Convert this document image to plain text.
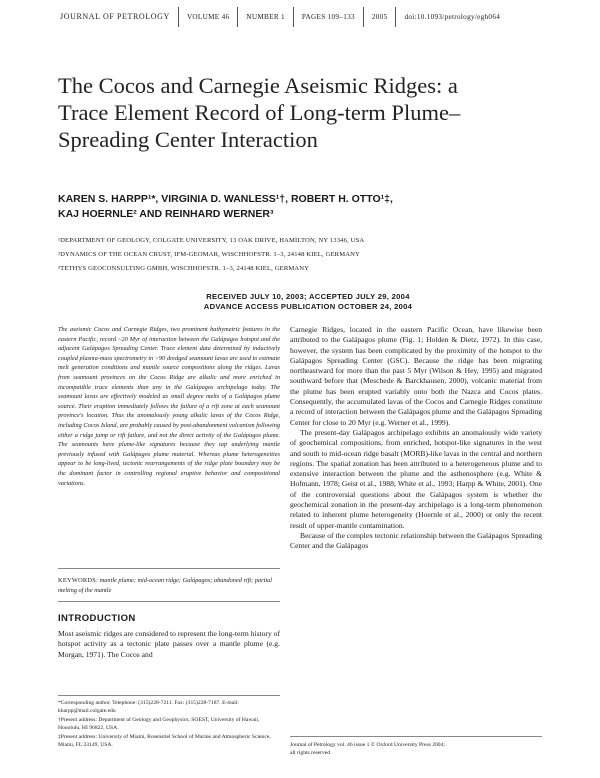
JOURNAL OF PETROLOGY	VOLUME 46	NUMBER 1	PAGES 109–133	2005	doi:10.1093/petrology/egh064
The Cocos and Carnegie Aseismic Ridges: a
Trace Element Record of Long-term Plume–
Spreading Center Interaction
KAREN S. HARPP¹*, VIRGINIA D. WANLESS¹†, ROBERT H. OTTO¹‡,
KAJ HOERNLE² AND REINHARD WERNER³
¹DEPARTMENT OF GEOLOGY, COLGATE UNIVERSITY, 13 OAK DRIVE, HAMILTON, NY 13346, USA
²DYNAMICS OF THE OCEAN CRUST, IFM-GEOMAR, WISCHHOFSTR. 1–3, 24148 KIEL, GERMANY
³TETHYS GEOCONSULTING GMBH, WISCHHOFSTR. 1–3, 24148 KIEL, GERMANY
RECEIVED JULY 10, 2003; ACCEPTED JULY 29, 2004
ADVANCE ACCESS PUBLICATION OCTOBER 24, 2004

The aseismic Cocos and Carnegie Ridges, two prominent bathymetric features in the eastern Pacific, record ~20 Myr of interaction between the Galápagos hotspot and the adjacent Galápagos Spreading Center. Trace element data determined by inductively coupled plasma-mass spectrometry in >90 dredged seamount lavas are used to estimate melt generation conditions and mantle source compositions along the ridges. Lavas from seamount provinces on the Cocos Ridge are alkalic and more enriched in incompatible trace elements than any in the Galápagos archipelago today. The seamount lavas are effectively modeled as small degree melts of a Galápagos plume source. Their eruption immediately follows the failure of a rift zone at each seamount province's location. Thus the anomalously young alkalic lavas of the Cocos Ridge, including Cocos Island, are probably caused by post-abandonment volcanism following either a ridge jump or rift failure, and not the direct activity of the Galápagos plume. The seamounts have plume-like signatures because they tap underlying mantle previously infused with Galápagos plume material. Whereas plume heterogeneities appear to be long-lived, tectonic rearrangements of the ridge plate boundary may be the dominant factor in controlling regional eruptive behavior and compositional variations.

KEYWORDS: mantle plume; mid-ocean ridge; Galápagos; abandoned rift; partial melting of the mantle
INTRODUCTION

Most aseismic ridges are considered to represent the long-term history of hotspot activity as a tectonic plate passes over a mantle plume (e.g. Morgan, 1971). The Cocos and

*Corresponding author. Telephone: (315)228-7211. Fax: (315)228-7187. E-mail: kharpp@mail.colgate.edu

†Present address: Department of Geology and Geophysics, SOEST, University of Hawaii, Honolulu, HI 96822, USA.

‡Present address: University of Miami, Rosenstiel School of Marine and Atmospheric Science, Miami, FL 33149, USA.

Carnegie Ridges, located in the eastern Pacific Ocean, have likewise been attributed to the Galápagos plume (Fig. 1; Holden & Dietz, 1972). In this case, however, the system has been complicated by the proximity of the hotspot to the Galápagos Spreading Center (GSC). Because the ridge has been migrating northeastward for more than the past 5 Myr (Wilson & Hey, 1995) and migrated southward before that (Meschede & Barckhausen, 2000), volcanic material from the plume has been erupted variably onto both the Nazca and Cocos plates. Consequently, the accumulated lavas of the Cocos and Carnegie Ridges constitute a record of interaction between the Galápagos plume and the Galápagos Spreading Center for close to 20 Myr (e.g. Werner et al., 1999).

The present-day Galápagos archipelago exhibits an anomalously wide variety of geochemical compositions, from enriched, hotspot-like signatures in the west and south to mid-ocean ridge basalt (MORB)-like lavas in the central and northern regions. The spatial zonation has been attributed to a heterogeneous plume and to extensive interaction between the plume and the asthenosphere (e.g. White & Hofmann, 1978; Geist et al., 1988; White et al., 1993; Harpp & White, 2001). One of the controversial questions about the Galápagos system is whether the geochemical zonation in the present-day archipelago is a long-term phenomenon related to inherent plume heterogeneity (Hoernle et al., 2000) or only the recent result of upper-mantle contamination.

Because of the complex tectonic relationship between the Galápagos Spreading Center and the Galápagos

Journal of Petrology vol. 46 issue 1 © Oxford University Press 2004;
all rights reserved
